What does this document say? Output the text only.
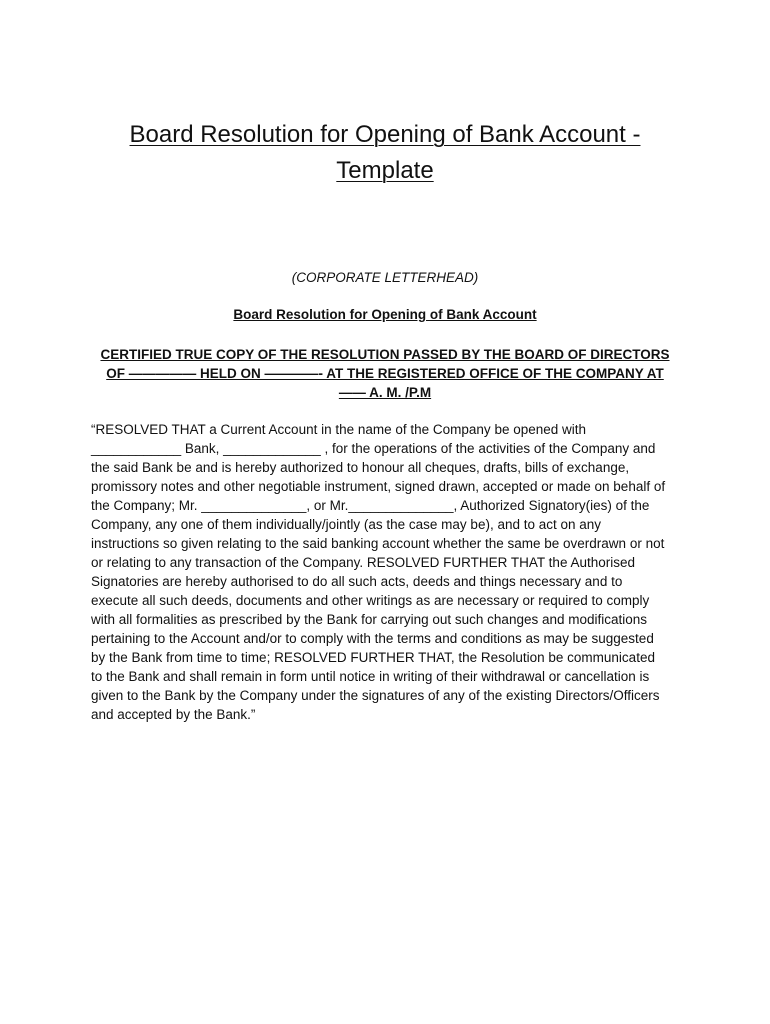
Board Resolution for Opening of Bank Account -
Template

(CORPORATE LETTERHEAD)

Board Resolution for Opening of Bank Account

CERTIFIED TRUE COPY OF THE RESOLUTION PASSED BY THE BOARD OF DIRECTORS
OF ————— HELD ON ————- AT THE REGISTERED OFFICE OF THE COMPANY AT
—— A. M. /P.M

“RESOLVED THAT a Current Account in the name of the Company be opened with
____________ Bank, _____________ , for the operations of the activities of the Company and
the said Bank be and is hereby authorized to honour all cheques, drafts, bills of exchange,
promissory notes and other negotiable instrument, signed drawn, accepted or made on behalf of
the Company; Mr. ______________, or Mr.______________, Authorized Signatory(ies) of the
Company, any one of them individually/jointly (as the case may be), and to act on any
instructions so given relating to the said banking account whether the same be overdrawn or not
or relating to any transaction of the Company. RESOLVED FURTHER THAT the Authorised
Signatories are hereby authorised to do all such acts, deeds and things necessary and to
execute all such deeds, documents and other writings as are necessary or required to comply
with all formalities as prescribed by the Bank for carrying out such changes and modifications
pertaining to the Account and/or to comply with the terms and conditions as may be suggested
by the Bank from time to time; RESOLVED FURTHER THAT, the Resolution be communicated
to the Bank and shall remain in form until notice in writing of their withdrawal or cancellation is
given to the Bank by the Company under the signatures of any of the existing Directors/Officers
and accepted by the Bank.”
